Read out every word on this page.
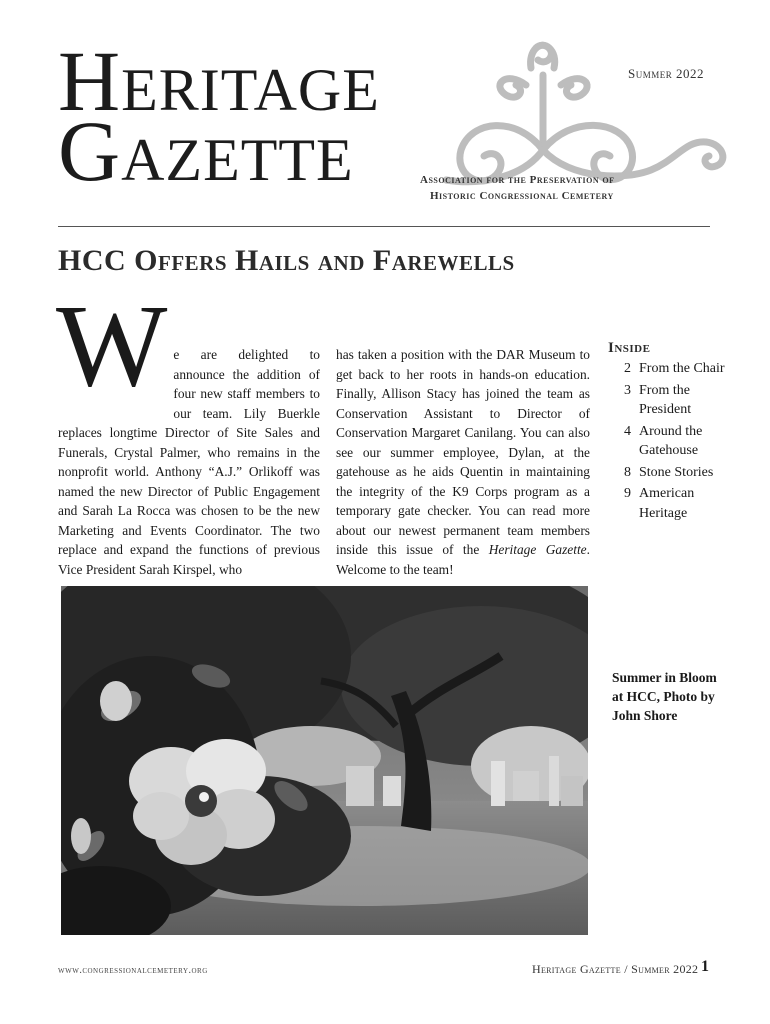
Heritage
Gazette
Summer 2022
Association for the Preservation of
Historic Congressional Cemetery
HCC Offers Hails and Farewells
W e are delighted to announce the addition of four new staff members to our team. Lily Buerkle replaces longtime Director of Site Sales and Funerals, Crystal Palmer, who remains in the nonprofit world. Anthony “A.J.” Orlikoff was named the new Director of Public Engagement and Sarah La Rocca was chosen to be the new Marketing and Events Coordinator. The two replace and expand the functions of previous Vice President Sarah Kirspel, who

has taken a position with the DAR Museum to get back to her roots in hands-on education. Finally, Allison Stacy has joined the team as Conservation Assistant to Director of Conservation Margaret Canilang. You can also see our summer employee, Dylan, at the gatehouse as he aids Quentin in maintaining the integrity of the K9 Corps program as a temporary gate checker. You can read more about our newest permanent team members inside this issue of the Heritage Gazette. Welcome to the team!

Inside
2 From the Chair
3 From the President
4 Around the Gatehouse
8 Stone Stories
9 American Heritage
Summer in Bloom at HCC, Photo by John Shore
www.congressionalcemetery.org	Heritage Gazette / Summer 2022 1
